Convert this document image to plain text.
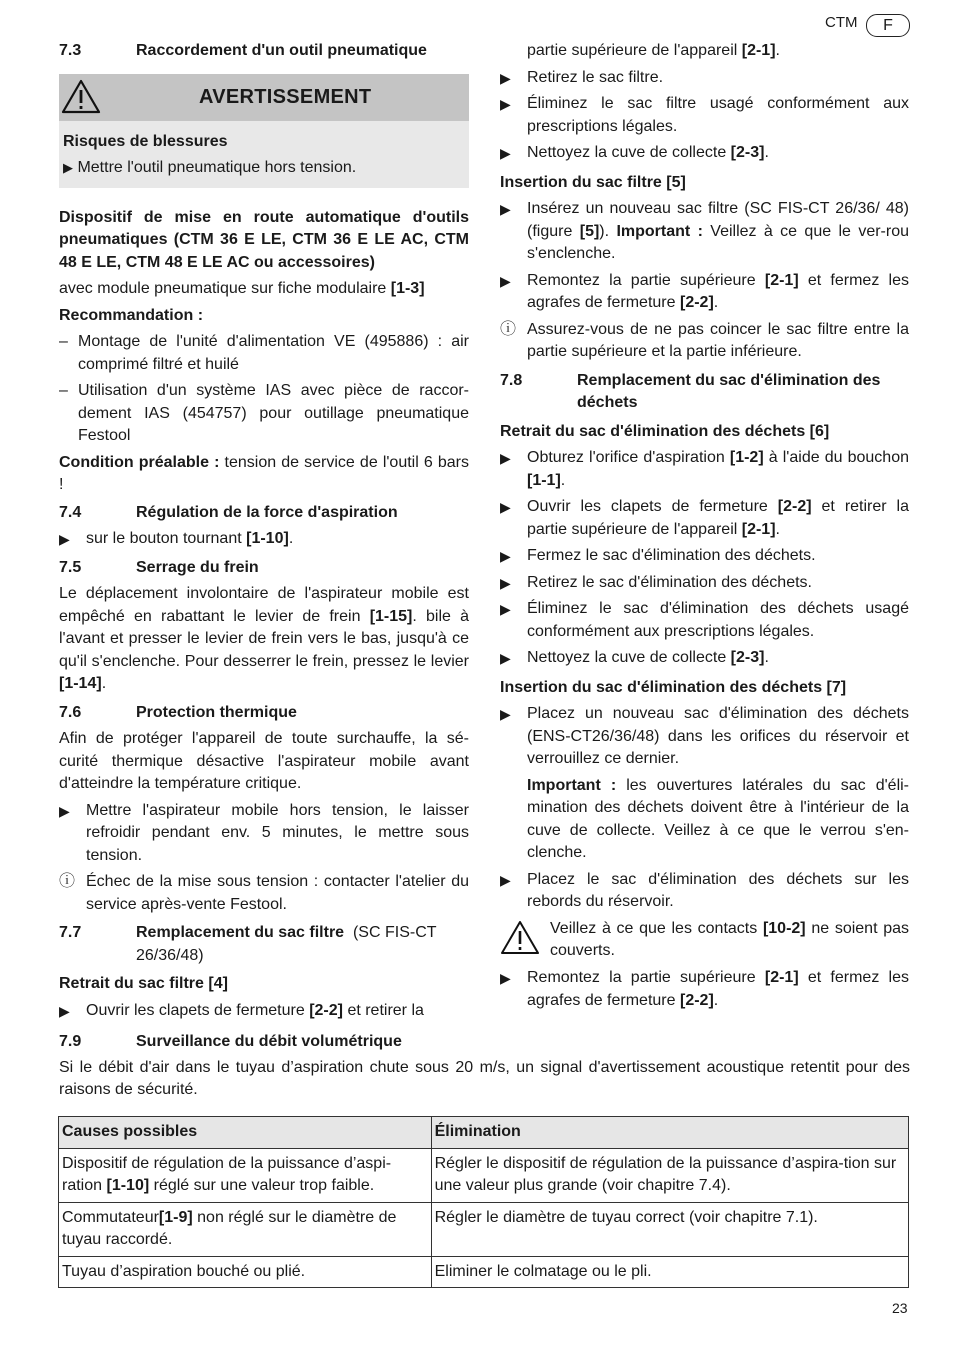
CTM	F
7.3	Raccordement d'un outil pneumatique
AVERTISSEMENT

Risques de blessures

▶ Mettre l'outil pneumatique hors tension.

Dispositif de mise en route automatique d'outils pneumatiques (CTM 36 E LE, CTM 36 E LE AC, CTM 48 E LE, CTM 48 E LE AC ou accessoires)

avec module pneumatique sur fiche modulaire [1-3]

Recommandation :

– Montage de l'unité d'alimentation VE (495886) : air comprimé filtré et huilé
– Utilisation d'un système IAS avec pièce de raccor-dement IAS (454757) pour outillage pneumatique Festool

Condition préalable : tension de service de l'outil 6 bars !

7.4	Régulation de la force d'aspiration
▶	sur le bouton tournant [1-10].
7.5	Serrage du frein

Le déplacement involontaire de l'aspirateur mobile est empêché en rabattant le levier de frein [1-15]. bile à l'avant et presser le levier de frein vers le bas, jusqu'à ce qu'il s'enclenche. Pour desserrer le frein, pressez le levier [1-14].

7.6	Protection thermique

Afin de protéger l'appareil de toute surchauffe, la sé-curité thermique désactive l'aspirateur mobile avant d'atteindre la température critique.

▶	Mettre l'aspirateur mobile hors tension, le laisser refroidir pendant env. 5 minutes, le mettre sous tension.
ⓘ Échec de la mise sous tension : contacter l'atelier du service après-vente Festool.
7.7	Remplacement du sac filtre (SC FIS-CT 26/36/48)

Retrait du sac filtre [4]

▶	Ouvrir les clapets de fermeture [2-2] et retirer la

partie supérieure de l'appareil [2-1].

▶	Retirez le sac filtre.
▶	Éliminez le sac filtre usagé conformément aux prescriptions légales.
▶	Nettoyez la cuve de collecte [2-3].

Insertion du sac filtre [5]

▶	Insérez un nouveau sac filtre (SC FIS-CT 26/36/ 48) (figure [5]). Important : Veillez à ce que le ver-rou s'enclenche.
▶	Remontez la partie supérieure [2-1] et fermez les agrafes de fermeture [2-2].
ⓘ Assurez-vous de ne pas coincer le sac filtre entre la partie supérieure et la partie inférieure.
7.8	Remplacement du sac d'élimination des déchets

Retrait du sac d'élimination des déchets [6]

▶	Obturez l'orifice d'aspiration [1-2] à l'aide du bouchon [1-1].
▶	Ouvrir les clapets de fermeture [2-2] et retirer la partie supérieure de l'appareil [2-1].
▶	Fermez le sac d'élimination des déchets.
▶	Retirez le sac d'élimination des déchets.
▶	Éliminez le sac d'élimination des déchets usagé conformément aux prescriptions légales.
▶	Nettoyez la cuve de collecte [2-3].

Insertion du sac d'élimination des déchets [7]

▶	Placez un nouveau sac d'élimination des déchets (ENS-CT26/36/48) dans les orifices du réservoir et verrouillez ce dernier.

Important : les ouvertures latérales du sac d'éli-mination des déchets doivent être à l'intérieur de la cuve de collecte. Veillez à ce que le verrou s'en-clenche.

▶	Placez le sac d'élimination des déchets sur les rebords du réservoir.
Veillez à ce que les contacts [10-2] ne soient pas couverts.
▶	Remontez la partie supérieure [2-1] et fermez les agrafes de fermeture [2-2].
7.9	Surveillance du débit volumétrique

Si le débit d'air dans le tuyau d’aspiration chute sous 20 m/s, un signal d'avertissement acoustique retentit pour des raisons de sécurité.

Causes possibles	Élimination
Dispositif de régulation de la puissance d’aspi-ration [1-10] réglé sur une valeur trop faible.	Régler le dispositif de régulation de la puissance d’aspira-tion sur une valeur plus grande (voir chapitre 7.4).
Commutateur[1-9] non réglé sur le diamètre de tuyau raccordé.	Régler le diamètre de tuyau correct (voir chapitre 7.1).
Tuyau d’aspiration bouché ou plié.	Eliminer le colmatage ou le pli.
23
